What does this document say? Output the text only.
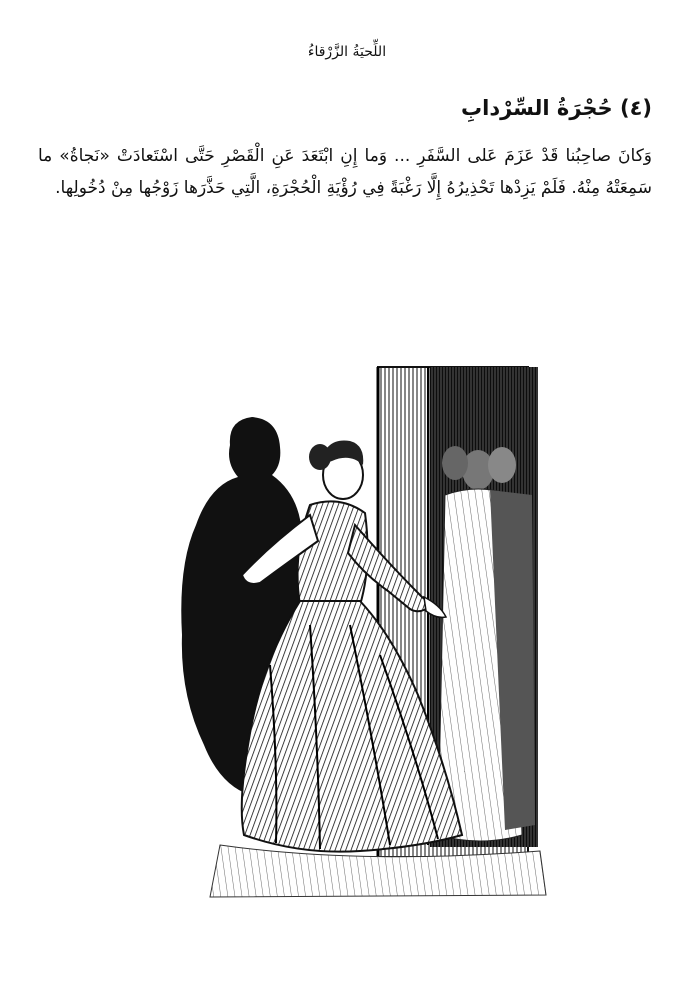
اللِّحيَةُ الزَّرْقاءُ
(٤) حُجْرَةُ السِّرْدابِ

وَكانَ صاحِبُنا قَدْ عَزَمَ عَلى السَّفَرِ ... وَما إِنِ ابْتَعَدَ عَنِ الْقَصْرِ حَتَّى اسْتَعادَتْ «نَجاةُ» ما سَمِعَتْهُ مِنْهُ. فَلَمْ يَزِدْها تَحْذِيرُهُ إِلَّا رَغْبَةً فِي رُؤْيَةِ الْحُجْرَةِ، الَّتِي حَذَّرَها زَوْجُها مِنْ دُخُولِها.
